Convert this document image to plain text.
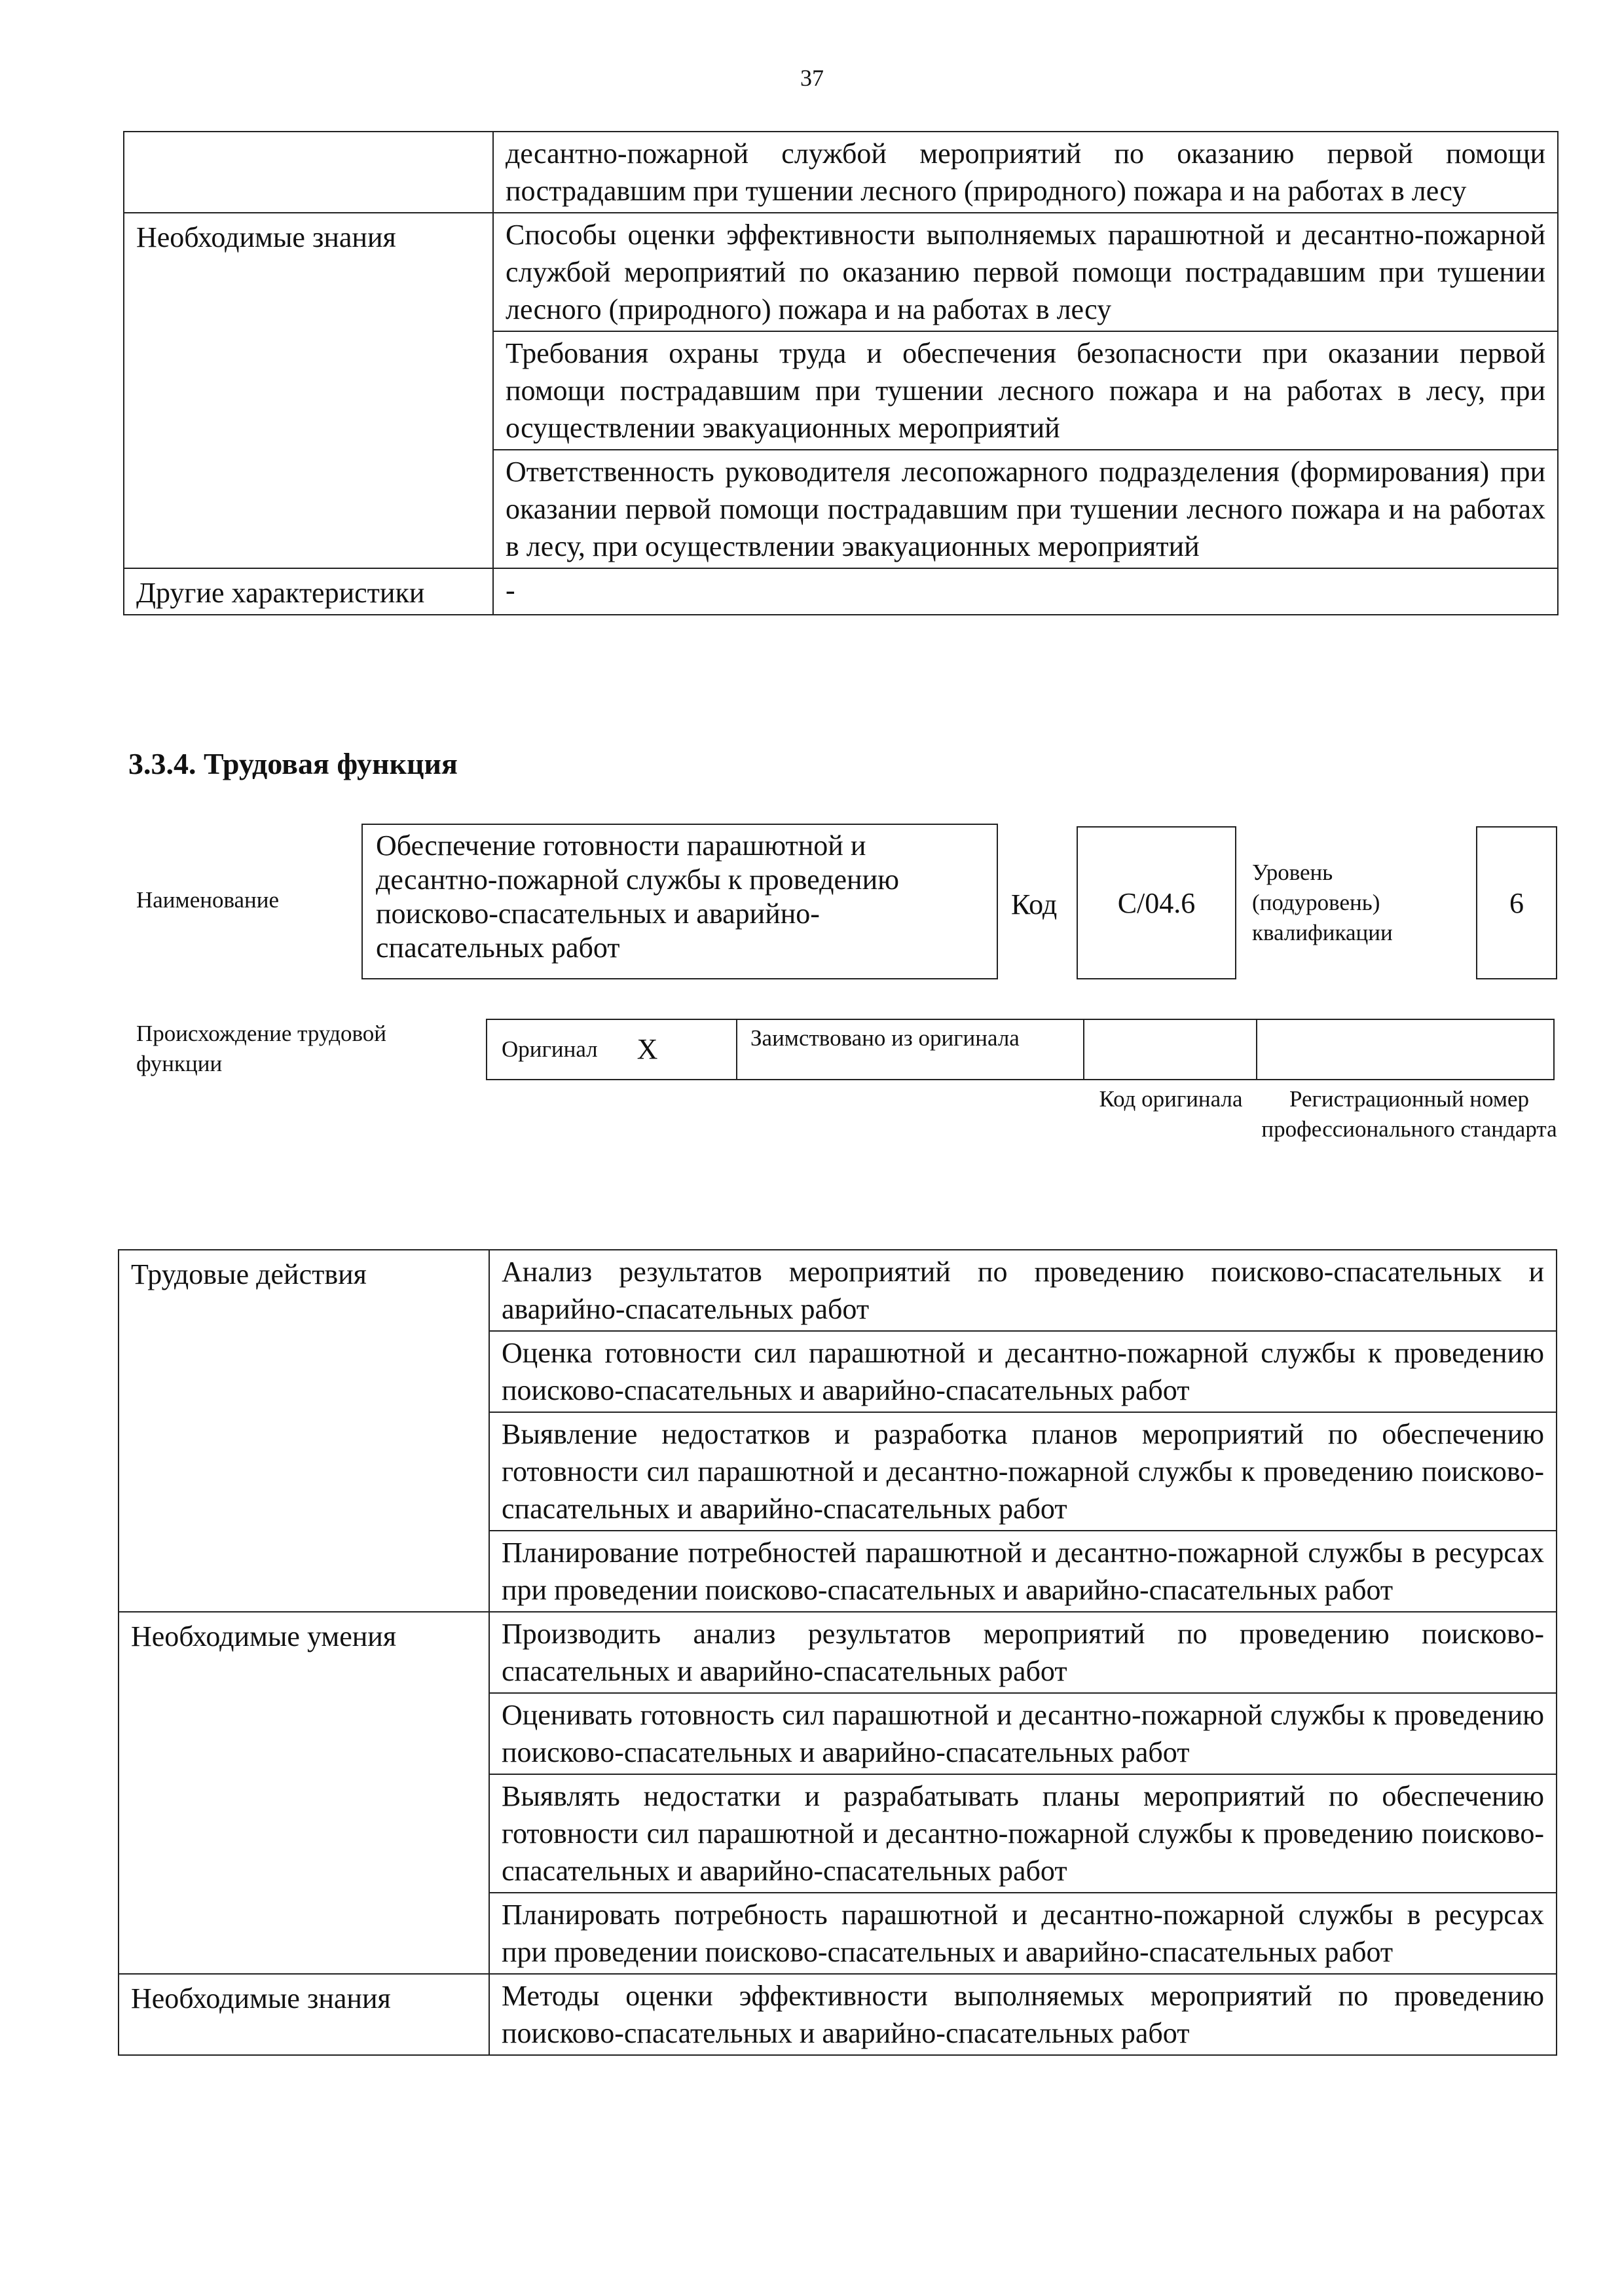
37
	десантно-пожарной службой мероприятий по оказанию первой помощи пострадавшим при тушении лесного (природного) пожара и на работах в лесу
Необходимые знания	Способы оценки эффективности выполняемых парашютной и десантно-пожарной службой мероприятий по оказанию первой помощи пострадавшим при тушении лесного (природного) пожара и на работах в лесу
	Требования охраны труда и обеспечения безопасности при оказании первой помощи пострадавшим при тушении лесного пожара и на работах в лесу, при осуществлении эвакуационных мероприятий
	Ответственность руководителя лесопожарного подразделения (формирования) при оказании первой помощи пострадавшим при тушении лесного пожара и на работах в лесу, при осуществлении эвакуационных мероприятий
Другие характеристики	-
3.3.4. Трудовая функция
Наименование
Обеспечение готовности парашютной и десантно-пожарной службы к проведению поисково-спасательных и аварийно-спасательных работ
Код	C/04.6
Уровень (подуровень) квалификации
6
Происхождение трудовой функции
Оригинал X	Заимствовано из оригинала
Код оригинала	Регистрационный номер профессионального стандарта
Трудовые действия	Анализ результатов мероприятий по проведению поисково-спасательных и аварийно-спасательных работ
	Оценка готовности сил парашютной и десантно-пожарной службы к проведению поисково-спасательных и аварийно-спасательных работ
	Выявление недостатков и разработка планов мероприятий по обеспечению готовности сил парашютной и десантно-пожарной службы к проведению поисково-спасательных и аварийно-спасательных работ
	Планирование потребностей парашютной и десантно-пожарной службы в ресурсах при проведении поисково-спасательных и аварийно-спасательных работ
Необходимые умения	Производить анализ результатов мероприятий по проведению поисково-спасательных и аварийно-спасательных работ
	Оценивать готовность сил парашютной и десантно-пожарной службы к проведению поисково-спасательных и аварийно-спасательных работ
	Выявлять недостатки и разрабатывать планы мероприятий по обеспечению готовности сил парашютной и десантно-пожарной службы к проведению поисково-спасательных и аварийно-спасательных работ
	Планировать потребность парашютной и десантно-пожарной службы в ресурсах при проведении поисково-спасательных и аварийно-спасательных работ
Необходимые знания	Методы оценки эффективности выполняемых мероприятий по проведению поисково-спасательных и аварийно-спасательных работ
